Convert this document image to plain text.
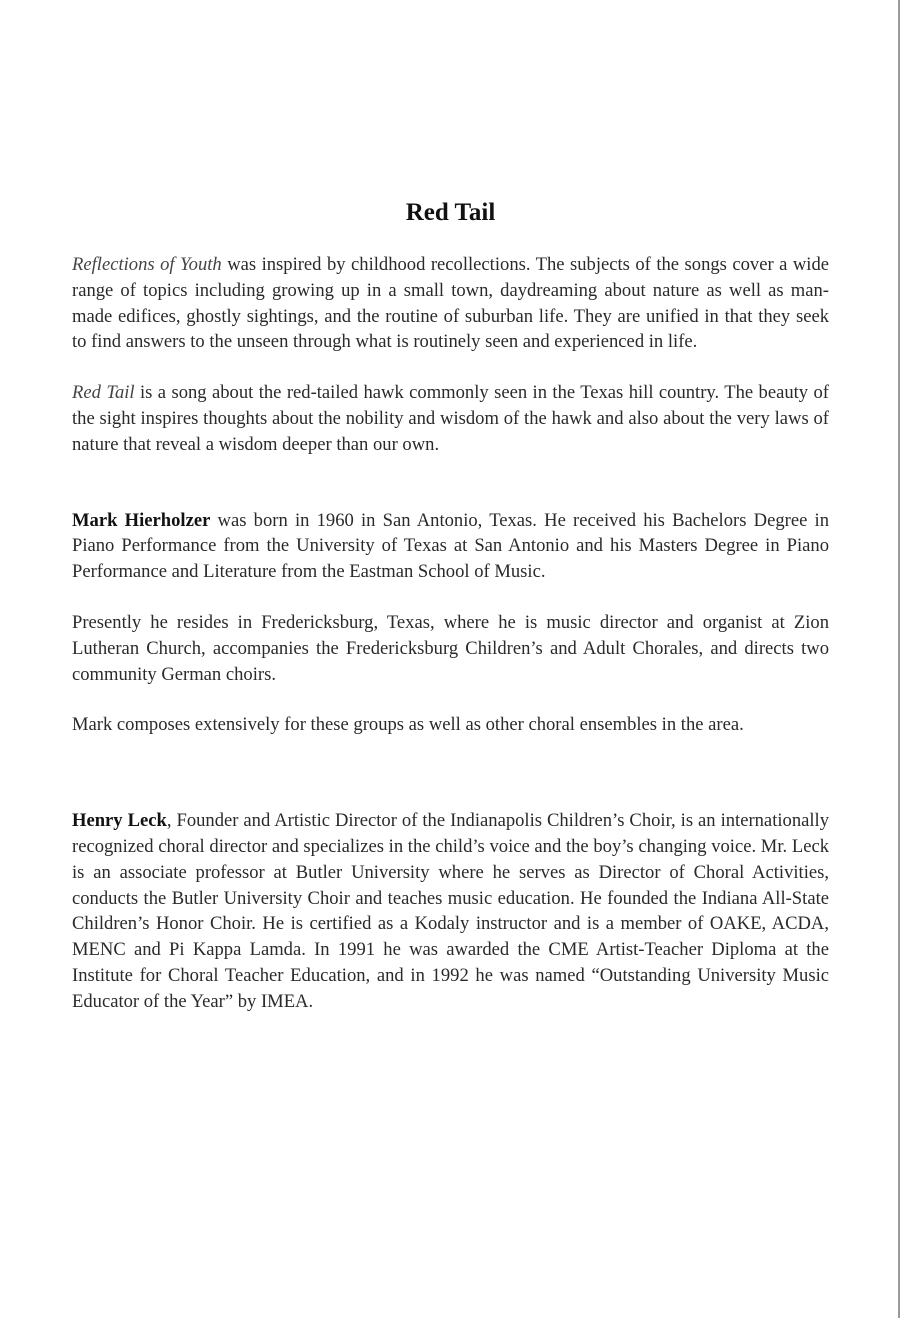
Red Tail

Reflections of Youth was inspired by childhood recollections. The subjects of the songs cover a wide range of topics including growing up in a small town, daydreaming about nature as well as man-made edifices, ghostly sightings, and the routine of suburban life. They are unified in that they seek to find answers to the unseen through what is routinely seen and experienced in life.

Red Tail is a song about the red-tailed hawk commonly seen in the Texas hill country. The beauty of the sight inspires thoughts about the nobility and wisdom of the hawk and also about the very laws of nature that reveal a wisdom deeper than our own.

Mark Hierholzer was born in 1960 in San Antonio, Texas. He received his Bachelors Degree in Piano Performance from the University of Texas at San Antonio and his Masters Degree in Piano Performance and Literature from the Eastman School of Music.

Presently he resides in Fredericksburg, Texas, where he is music director and organist at Zion Lutheran Church, accompanies the Fredericksburg Children’s and Adult Chorales, and directs two community German choirs.

Mark composes extensively for these groups as well as other choral ensembles in the area.

Henry Leck, Founder and Artistic Director of the Indianapolis Children’s Choir, is an internationally recognized choral director and specializes in the child’s voice and the boy’s changing voice. Mr. Leck is an associate professor at Butler University where he serves as Director of Choral Activities, conducts the Butler University Choir and teaches music education. He founded the Indiana All-State Children’s Honor Choir. He is certified as a Kodaly instructor and is a member of OAKE, ACDA, MENC and Pi Kappa Lamda. In 1991 he was awarded the CME Artist-Teacher Diploma at the Institute for Choral Teacher Education, and in 1992 he was named “Outstanding University Music Educator of the Year” by IMEA.
